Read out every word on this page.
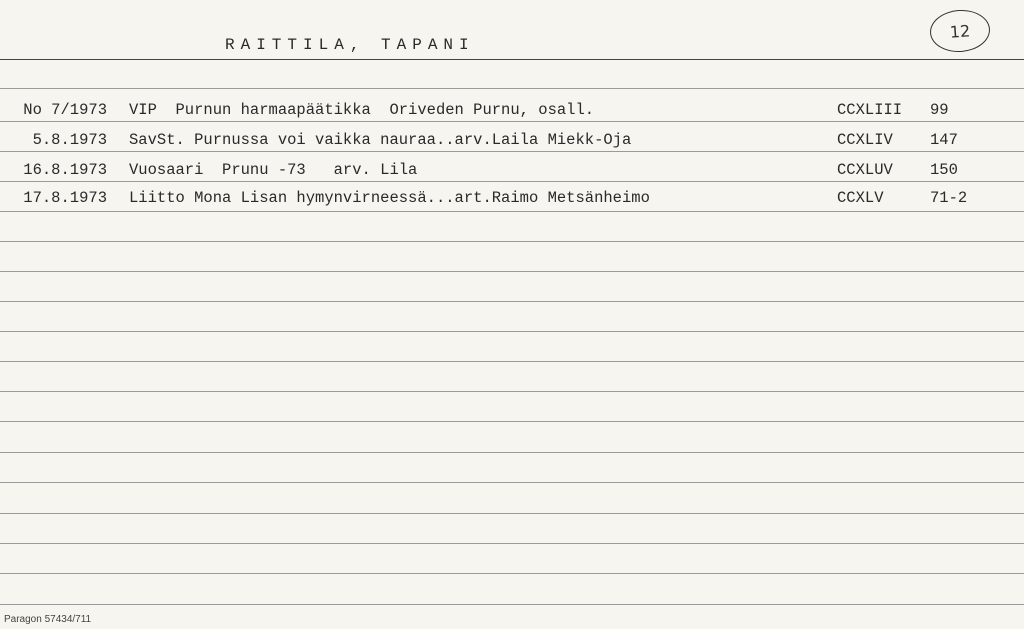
RAITTILA, TAPANI
12
No 7/1973 VIP  Purnun harmaapäätikka  Oriveden Purnu, osall.	CCXLIII 99
5.8.1973 SavSt. Purnussa voi vaikka nauraa..arv.Laila Miekk-Oja	CCXLIV 147
16.8.1973 Vuosaari  Prunu -73   arv. Lila	CCXLUV 150
17.8.1973 Liitto Mona Lisan hymynvirneessä...art.Raimo Metsänheimo	CCXLV	71-2
Paragon 57434/711
